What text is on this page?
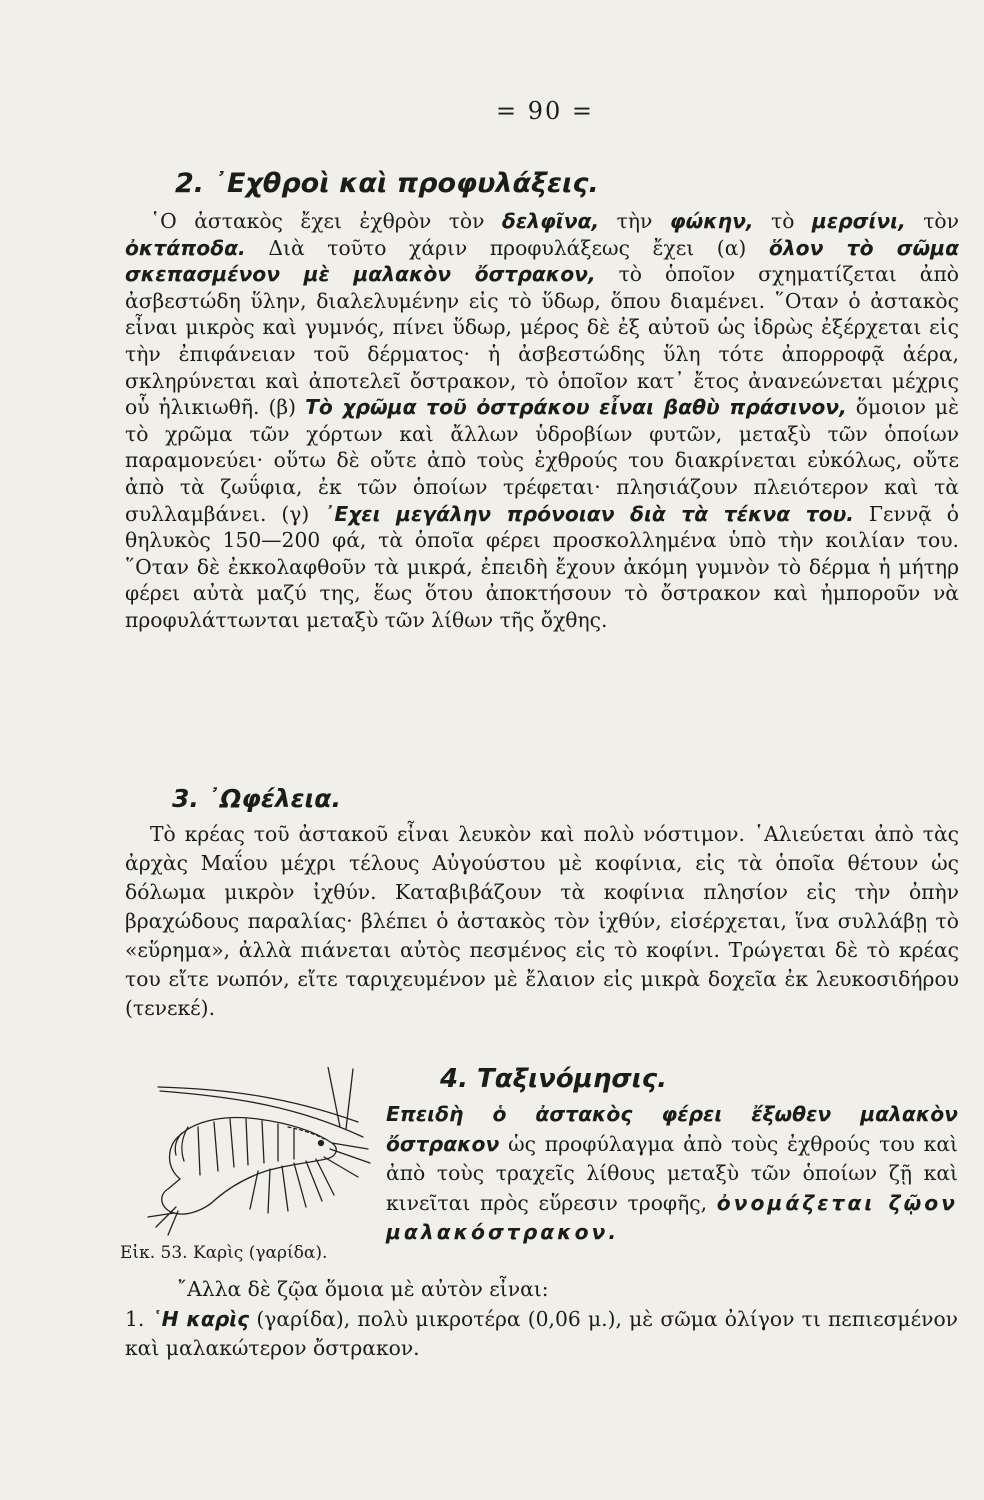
= 90 =
2. ᾿Εχθροὶ καὶ προφυλάξεις.

῾Ο ἀστακὸς ἔχει ἐχθρὸν τὸν δελφῖνα, τὴν φώκην, τὸ μερσίνι, τὸν ὀκτάποδα. Διὰ τοῦτο χάριν προφυλάξεως ἔχει (α) ὅλον τὸ σῶμα σκεπασμένον μὲ μαλακὸν ὄστρακον, τὸ ὁποῖον σχηματίζεται ἀπὸ ἀσβεστώδη ὕλην, διαλελυμένην εἰς τὸ ὕδωρ, ὅπου διαμένει. ῞Οταν ὁ ἀστακὸς εἶναι μικρὸς καὶ γυμνός, πίνει ὕδωρ, μέρος δὲ ἐξ αὐτοῦ ὡς ἱδρὼς ἐξέρχεται εἰς τὴν ἐπιφάνειαν τοῦ δέρματος· ἡ ἀσβεστώδης ὕλη τότε ἀπορροφᾷ ἀέρα, σκληρύνεται καὶ ἀποτελεῖ ὄστρακον, τὸ ὁποῖον κατ᾿ ἔτος ἀνανεώνεται μέχρις οὗ ἡλικιωθῆ. (β) Τὸ χρῶμα τοῦ ὀστράκου εἶναι βαθὺ πράσινον, ὅμοιον μὲ τὸ χρῶμα τῶν χόρτων καὶ ἄλλων ὑδροβίων φυτῶν, μεταξὺ τῶν ὁποίων παραμονεύει· οὕτω δὲ οὔτε ἀπὸ τοὺς ἐχθρούς του διακρίνεται εὐκόλως, οὔτε ἀπὸ τὰ ζωΰφια, ἐκ τῶν ὁποίων τρέφεται· πλησιάζουν πλειότερον καὶ τὰ συλλαμβάνει. (γ) ᾿Εχει μεγάλην πρόνοιαν διὰ τὰ τέκνα του. Γεννᾷ ὁ θηλυκὸς 150—200 φά, τὰ ὁποῖα φέρει προσκολλημένα ὑπὸ τὴν κοιλίαν του. ῞Οταν δὲ ἐκκολαφθοῦν τὰ μικρά, ἐπειδὴ ἔχουν ἀκόμη γυμνὸν τὸ δέρμα ἡ μήτηρ φέρει αὐτὰ μαζύ της, ἕως ὅτου ἀποκτήσουν τὸ ὄστρακον καὶ ἠμποροῦν νὰ προφυλάττωνται μεταξὺ τῶν λίθων τῆς ὄχθης.

3. ᾿Ωφέλεια.

Τὸ κρέας τοῦ ἀστακοῦ εἶναι λευκὸν καὶ πολὺ νόστιμον. ῾Αλιεύεται ἀπὸ τὰς ἀρχὰς Μαΐου μέχρι τέλους Αὐγούστου μὲ κοφίνια, εἰς τὰ ὁποῖα θέτουν ὡς δόλωμα μικρὸν ἰχθύν. Καταβιβάζουν τὰ κοφίνια πλησίον εἰς τὴν ὀπὴν βραχώδους παραλίας· βλέπει ὁ ἀστακὸς τὸν ἰχθύν, εἰσέρχεται, ἵνα συλλάβῃ τὸ «εὕρημα», ἀλλὰ πιάνεται αὐτὸς πεσμένος εἰς τὸ κοφίνι. Τρώγεται δὲ τὸ κρέας του εἴτε νωπόν, εἴτε ταριχευμένον μὲ ἔλαιον εἰς μικρὰ δοχεῖα ἐκ λευκοσιδήρου (τενεκέ).

4. Ταξινόμησις.
Εἰκ. 53. Καρὶς (γαρίδα).

Επειδὴ ὁ ἀστακὸς φέρει ἔξωθεν μαλακὸν ὄστρακον ὡς προφύλαγμα ἀπὸ τοὺς ἐχθρούς του καὶ ἀπὸ τοὺς τραχεῖς λίθους μεταξὺ τῶν ὁποίων ζῇ καὶ κινεῖται πρὸς εὕρεσιν τροφῆς, ὀνομάζεται ζῷον μαλακόστρακον.

῎Αλλα δὲ ζῷα ὅμοια μὲ αὐτὸν εἶναι:

1. ῾Η καρὶς (γαρίδα), πολὺ μικροτέρα (0,06 μ.), μὲ σῶμα ὀλίγον τι πεπιεσμένον καὶ μαλακώτερον ὄστρακον.
